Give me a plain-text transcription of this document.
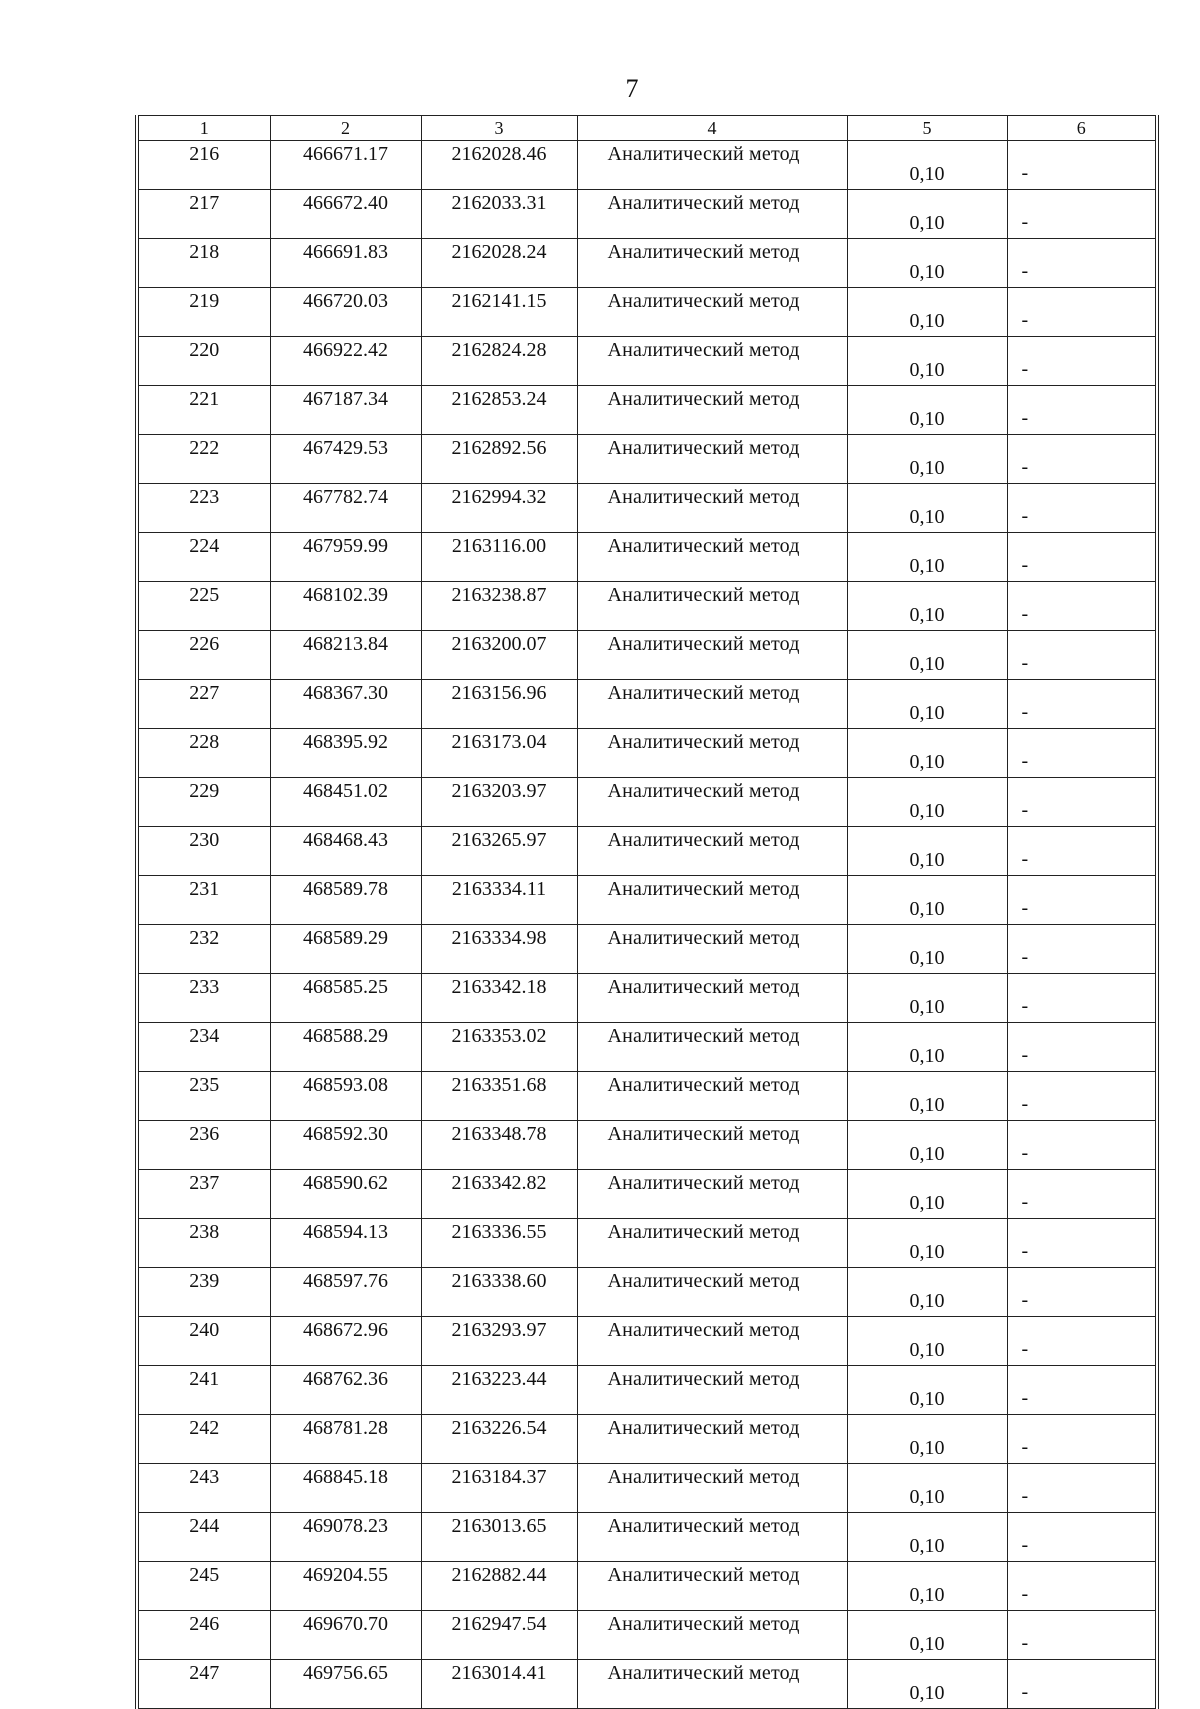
7
1	2	3	4	5	6
216	466671.17	2162028.46	Аналитический метод	0,10	-
217	466672.40	2162033.31	Аналитический метод	0,10	-
218	466691.83	2162028.24	Аналитический метод	0,10	-
219	466720.03	2162141.15	Аналитический метод	0,10	-
220	466922.42	2162824.28	Аналитический метод	0,10	-
221	467187.34	2162853.24	Аналитический метод	0,10	-
222	467429.53	2162892.56	Аналитический метод	0,10	-
223	467782.74	2162994.32	Аналитический метод	0,10	-
224	467959.99	2163116.00	Аналитический метод	0,10	-
225	468102.39	2163238.87	Аналитический метод	0,10	-
226	468213.84	2163200.07	Аналитический метод	0,10	-
227	468367.30	2163156.96	Аналитический метод	0,10	-
228	468395.92	2163173.04	Аналитический метод	0,10	-
229	468451.02	2163203.97	Аналитический метод	0,10	-
230	468468.43	2163265.97	Аналитический метод	0,10	-
231	468589.78	2163334.11	Аналитический метод	0,10	-
232	468589.29	2163334.98	Аналитический метод	0,10	-
233	468585.25	2163342.18	Аналитический метод	0,10	-
234	468588.29	2163353.02	Аналитический метод	0,10	-
235	468593.08	2163351.68	Аналитический метод	0,10	-
236	468592.30	2163348.78	Аналитический метод	0,10	-
237	468590.62	2163342.82	Аналитический метод	0,10	-
238	468594.13	2163336.55	Аналитический метод	0,10	-
239	468597.76	2163338.60	Аналитический метод	0,10	-
240	468672.96	2163293.97	Аналитический метод	0,10	-
241	468762.36	2163223.44	Аналитический метод	0,10	-
242	468781.28	2163226.54	Аналитический метод	0,10	-
243	468845.18	2163184.37	Аналитический метод	0,10	-
244	469078.23	2163013.65	Аналитический метод	0,10	-
245	469204.55	2162882.44	Аналитический метод	0,10	-
246	469670.70	2162947.54	Аналитический метод	0,10	-
247	469756.65	2163014.41	Аналитический метод	0,10	-
